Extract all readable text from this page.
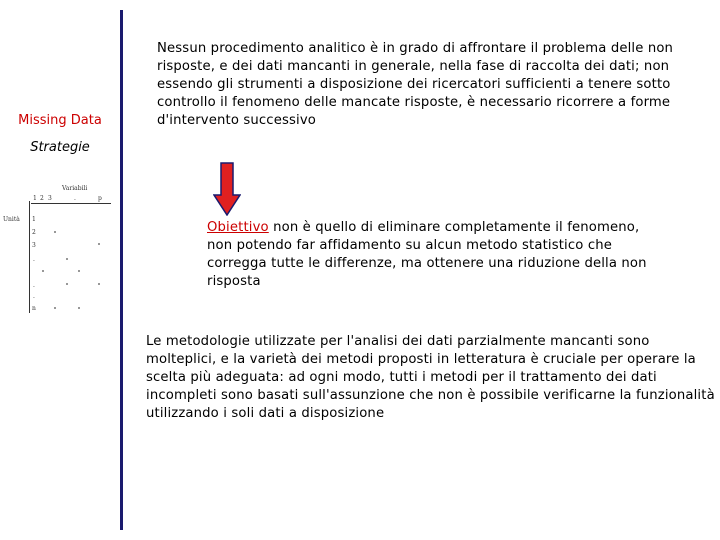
Missing Data
Strategie
Variabili
1 2 3	.	p
Unità 1
2
3
.
.
.
n
Nessun procedimento analitico è in grado di affrontare il problema delle non risposte, e dei dati mancanti in generale, nella fase di raccolta dei dati; non essendo gli strumenti a disposizione dei ricercatori sufficienti a tenere sotto controllo il fenomeno delle mancate risposte, è necessario ricorrere a forme d'intervento successivo
Obiettivo non è quello di eliminare completamente il fenomeno, non potendo far affidamento su alcun metodo statistico che corregga tutte le differenze, ma ottenere una riduzione della non risposta
Le metodologie utilizzate per l'analisi dei dati parzialmente mancanti sono molteplici, e la varietà dei metodi proposti in letteratura è cruciale per operare la scelta più adeguata: ad ogni modo, tutti i metodi per il trattamento dei dati incompleti sono basati sull'assunzione che non è possibile verificarne la funzionalità utilizzando i soli dati a disposizione
